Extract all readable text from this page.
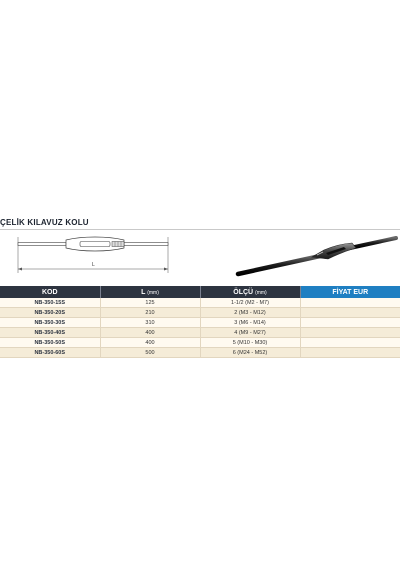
ÇELİK KILAVUZ KOLU
L
KOD	L (mm)	ÖLÇÜ (mm)	FİYAT EUR
NB-350-15S	125	1-1/2 (M2 - M7)	
NB-350-20S	210	2 (M3 - M12)	
NB-350-30S	310	3 (M6 - M14)	
NB-350-40S	400	4 (M9 - M27)	
NB-350-50S	400	5 (M10 - M30)	
NB-350-60S	500	6 (M24 - M52)	
